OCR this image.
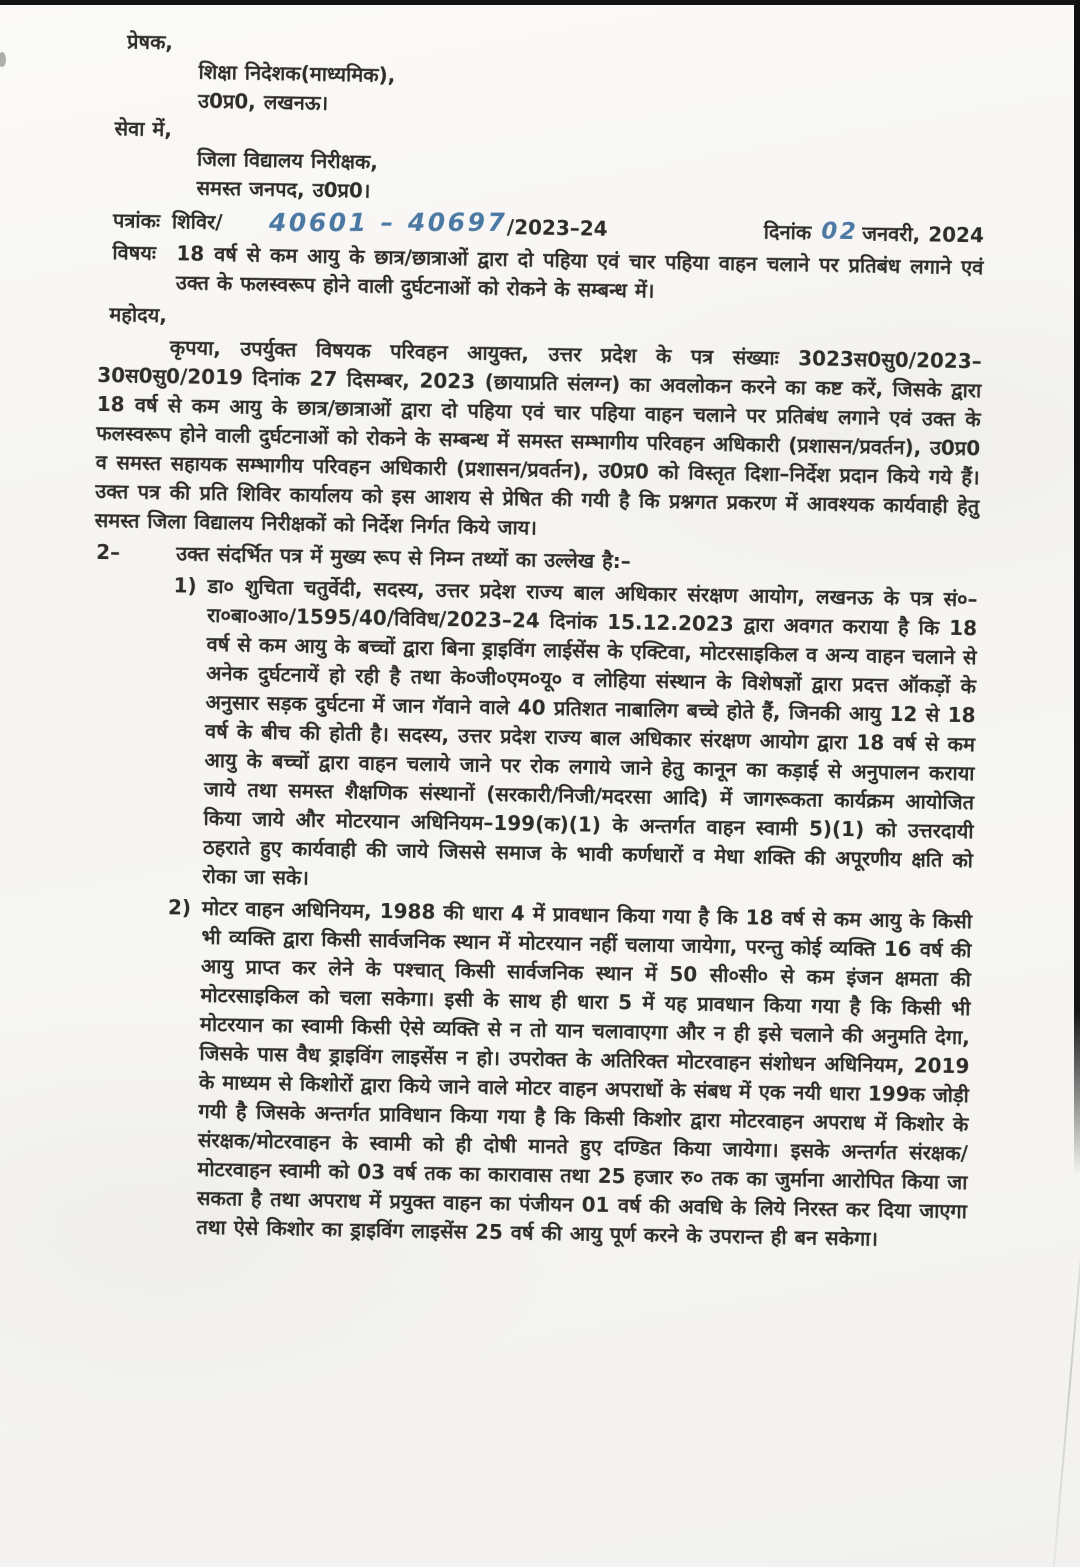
प्रेषक,
शिक्षा निदेशक(माध्यमिक),
उ0प्र0, लखनऊ।
सेवा में,
जिला विद्यालय निरीक्षक,
समस्त जनपद, उ0प्र0।
पत्रांकः शिविर/ 40601 – 40697 /2023–24	दिनांक 02 जनवरी, 2024
विषयः	18 वर्ष से कम आयु के छात्र/छात्राओं द्वारा दो पहिया एवं चार पहिया वाहन चलाने पर प्रतिबंध लगाने एवं उक्त के फलस्वरूप होने वाली दुर्घटनाओं को रोकने के सम्बन्ध में।
महोदय,
कृपया, उपर्युक्त विषयक परिवहन आयुक्त, उत्तर प्रदेश के पत्र संख्याः 3023स0सु0/2023–30स0सु0/2019 दिनांक 27 दिसम्बर, 2023 (छायाप्रति संलग्न) का अवलोकन करने का कष्ट करें, जिसके द्वारा 18 वर्ष से कम आयु के छात्र/छात्राओं द्वारा दो पहिया एवं चार पहिया वाहन चलाने पर प्रतिबंध लगाने एवं उक्त के फलस्वरूप होने वाली दुर्घटनाओं को रोकने के सम्बन्ध में समस्त सम्भागीय परिवहन अधिकारी (प्रशासन/प्रवर्तन), उ0प्र0 व समस्त सहायक सम्भागीय परिवहन अधिकारी (प्रशासन/प्रवर्तन), उ0प्र0 को विस्तृत दिशा–निर्देश प्रदान किये गये हैं। उक्त पत्र की प्रति शिविर कार्यालय को इस आशय से प्रेषित की गयी है कि प्रश्नगत प्रकरण में आवश्यक कार्यवाही हेतु समस्त जिला विद्यालय निरीक्षकों को निर्देश निर्गत किये जाय।
2–	उक्त संदर्भित पत्र में मुख्य रूप से निम्न तथ्यों का उल्लेख है:–
1) डा० शुचिता चतुर्वेदी, सदस्य, उत्तर प्रदेश राज्य बाल अधिकार संरक्षण आयोग, लखनऊ के पत्र सं०–रा०बा०आ०/1595/40/विविध/2023–24 दिनांक 15.12.2023 द्वारा अवगत कराया है कि 18 वर्ष से कम आयु के बच्चों द्वारा बिना ड्राइविंग लाईसेंस के एक्टिवा, मोटरसाइकिल व अन्य वाहन चलाने से अनेक दुर्घटनायें हो रही है तथा के०जी०एम०यू० व लोहिया संस्थान के विशेषज्ञों द्वारा प्रदत्त ऑकड़ों के अनुसार सड़क दुर्घटना में जान गॅवाने वाले 40 प्रतिशत नाबालिग बच्चे होते हैं, जिनकी आयु 12 से 18 वर्ष के बीच की होती है। सदस्य, उत्तर प्रदेश राज्य बाल अधिकार संरक्षण आयोग द्वारा 18 वर्ष से कम आयु के बच्चों द्वारा वाहन चलाये जाने पर रोक लगाये जाने हेतु कानून का कड़ाई से अनुपालन कराया जाये तथा समस्त शैक्षणिक संस्थानों (सरकारी/निजी/मदरसा आदि) में जागरूकता कार्यक्रम आयोजित किया जाये और मोटरयान अधिनियम–199(क)(1) के अन्तर्गत वाहन स्वामी 5)(1) को उत्तरदायी ठहराते हुए कार्यवाही की जाये जिससे समाज के भावी कर्णधारों व मेधा शक्ति की अपूरणीय क्षति को रोका जा सके।
2) मोटर वाहन अधिनियम, 1988 की धारा 4 में प्रावधान किया गया है कि 18 वर्ष से कम आयु के किसी भी व्यक्ति द्वारा किसी सार्वजनिक स्थान में मोटरयान नहीं चलाया जायेगा, परन्तु कोई व्यक्ति 16 वर्ष की आयु प्राप्त कर लेने के पश्चात् किसी सार्वजनिक स्थान में 50 सी०सी० से कम इंजन क्षमता की मोटरसाइकिल को चला सकेगा। इसी के साथ ही धारा 5 में यह प्रावधान किया गया है कि किसी भी मोटरयान का स्वामी किसी ऐसे व्यक्ति से न तो यान चलावाएगा और न ही इसे चलाने की अनुमति देगा, जिसके पास वैध ड्राइविंग लाइसेंस न हो। उपरोक्त के अतिरिक्त मोटरवाहन संशोधन अधिनियम, 2019 के माध्यम से किशोरों द्वारा किये जाने वाले मोटर वाहन अपराधों के संबध में एक नयी धारा 199क जोड़ी गयी है जिसके अन्तर्गत प्राविधान किया गया है कि किसी किशोर द्वारा मोटरवाहन अपराध में किशोर के संरक्षक/मोटरवाहन के स्वामी को ही दोषी मानते हुए दण्डित किया जायेगा। इसके अन्तर्गत संरक्षक/मोटरवाहन स्वामी को 03 वर्ष तक का कारावास तथा 25 हजार रु० तक का जुर्माना आरोपित किया जा सकता है तथा अपराध में प्रयुक्त वाहन का पंजीयन 01 वर्ष की अवधि के लिये निरस्त कर दिया जाएगा तथा ऐसे किशोर का ड्राइविंग लाइसेंस 25 वर्ष की आयु पूर्ण करने के उपरान्त ही बन सकेगा।
